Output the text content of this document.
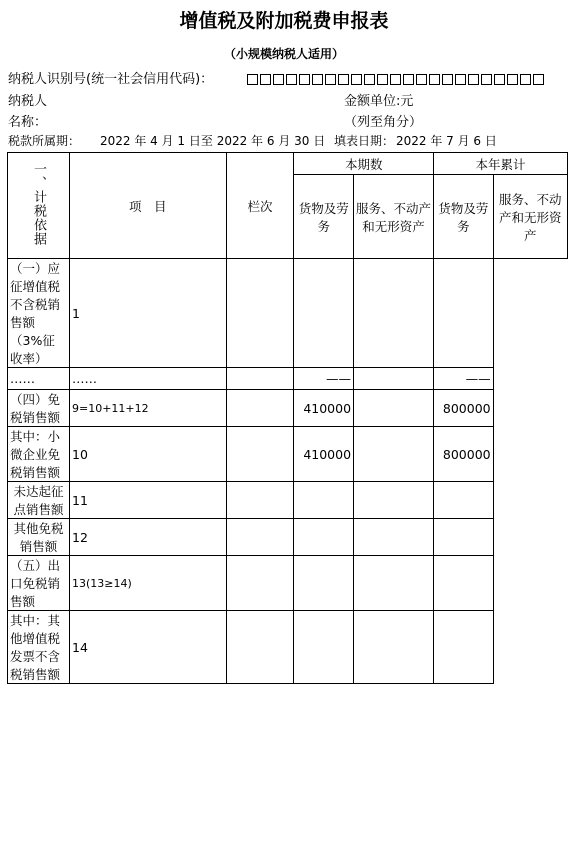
增值税及附加税费申报表
（小规模纳税人适用）
纳税人识别号(统一社会信用代码)：
纳税人
名称：
金额单位:元
（列至角分）
税款所属期： 2022 年 4 月 1 日至 2022 年 6 月 30 日 填表日期： 2022 年 7 月 6 日
一、计税依据	项　目	栏次	本期数		本年累计	
			货物及劳务	服务、不动产和无形资产	货物及劳务	服务、不动产和无形资产
（一）应征增值税不含税销售额（3%征收率）	1					
……	……		——		——	
（四）免税销售额	9=10+11+12		410000		800000	
其中：小微企业免税销售额	10		410000		800000	
未达起征点销售额	11					
其他免税销售额	12					
（五）出口免税销售额	13(13≥14)					
其中：其他增值税发票不含税销售额	14					
